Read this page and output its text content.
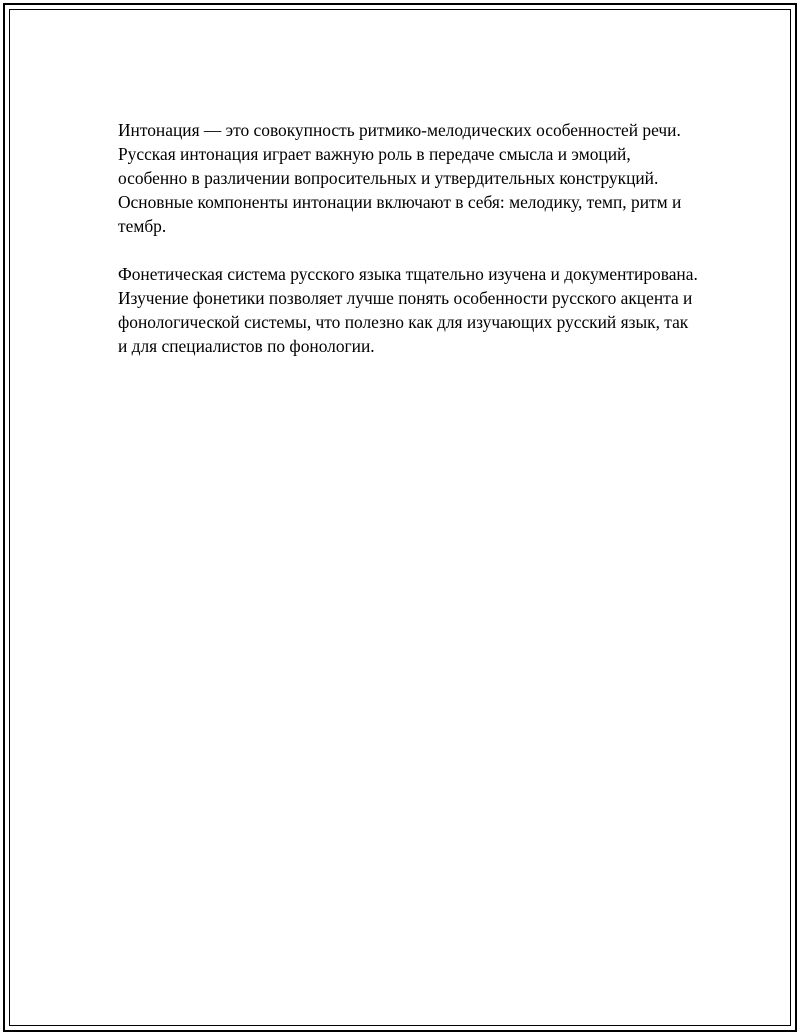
Интонация — это совокупность ритмико-мелодических особенностей речи. Русская интонация играет важную роль в передаче смысла и эмоций, особенно в различении вопросительных и утвердительных конструкций. Основные компоненты интонации включают в себя: мелодику, темп, ритм и тембр.

Фонетическая система русского языка тщательно изучена и документирована. Изучение фонетики позволяет лучше понять особенности русского акцента и фонологической системы, что полезно как для изучающих русский язык, так и для специалистов по фонологии.
